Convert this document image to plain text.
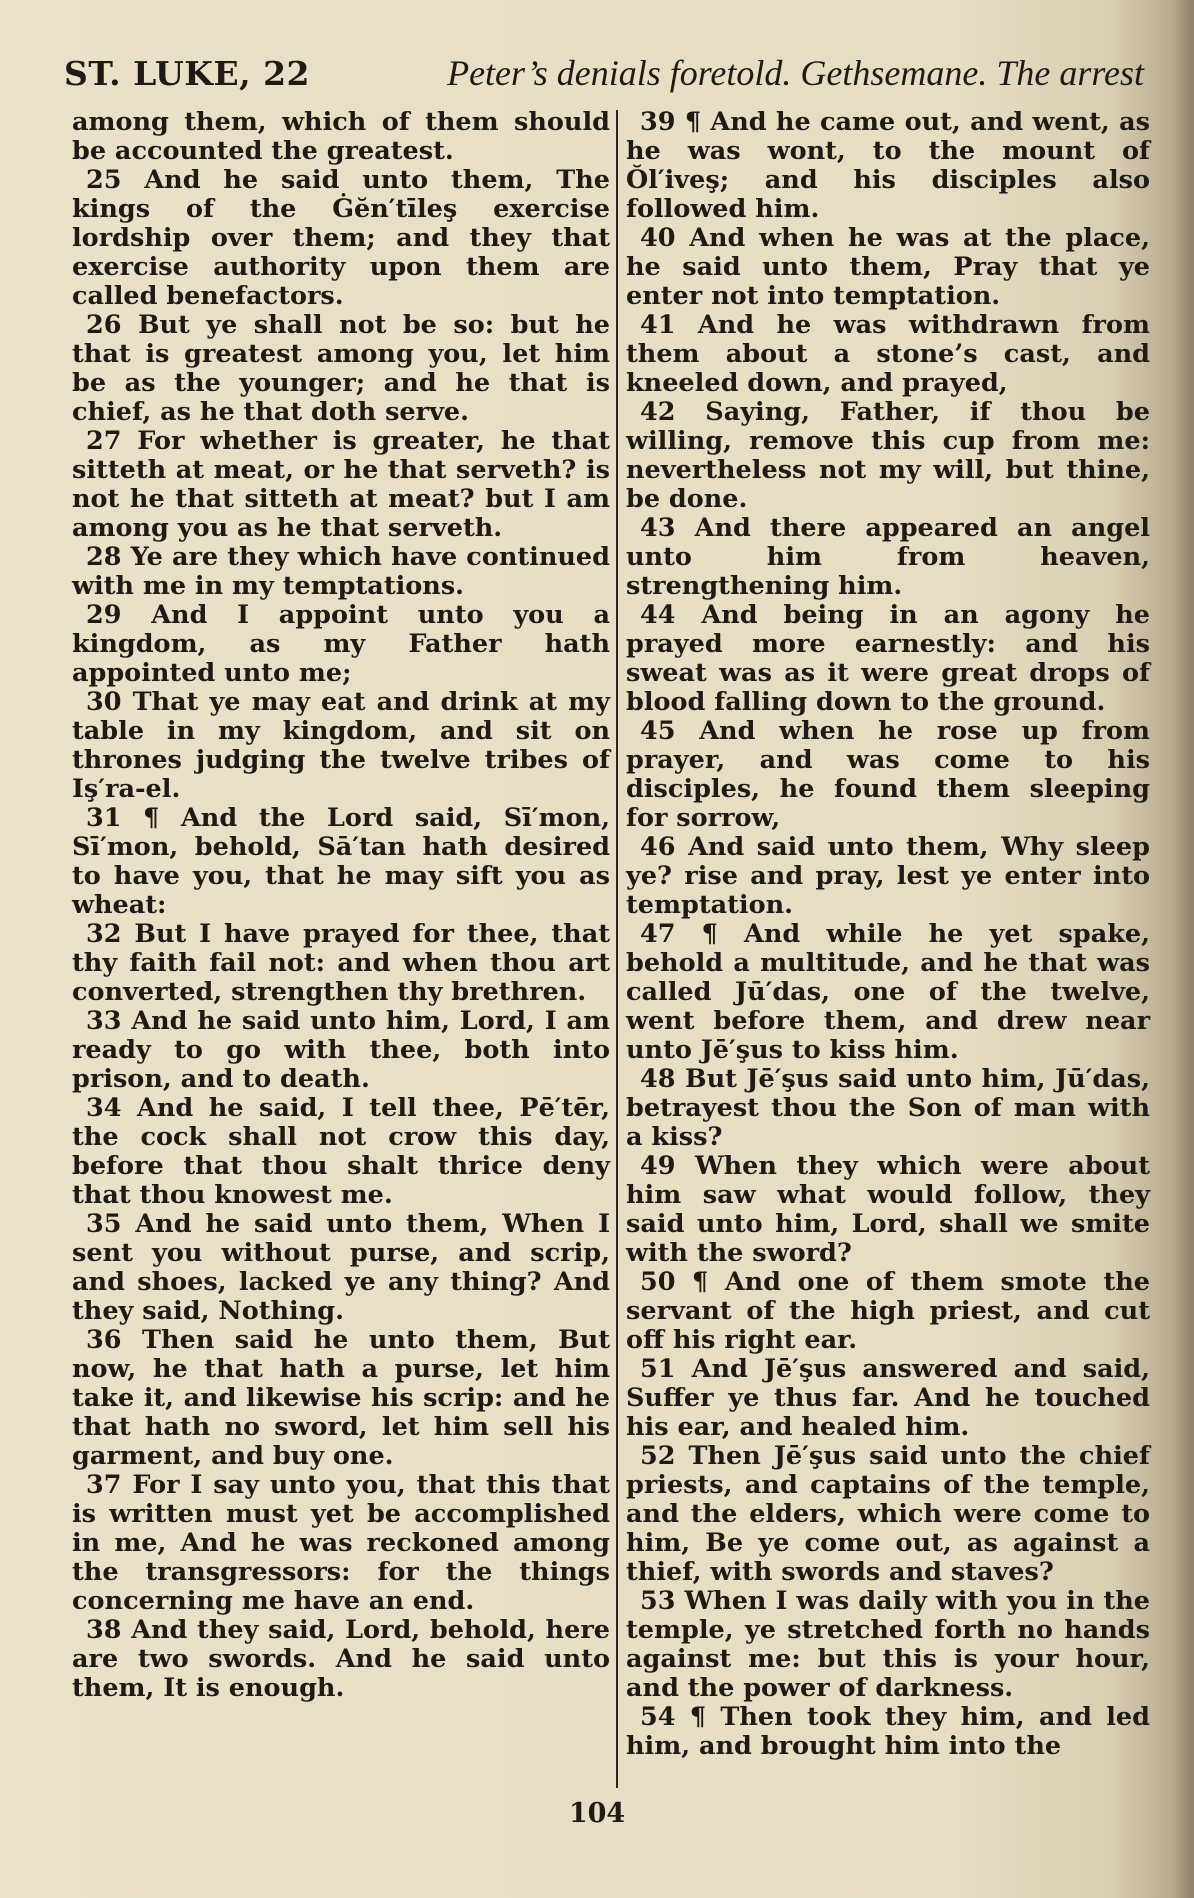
ST. LUKE, 22	Peter’s denials foretold. Gethsemane. The arrest

among them, which of them should be accounted the greatest.

25 And he said unto them, The kings of the Ġĕn′tīleş exercise lordship over them; and they that exercise authority upon them are called benefactors.

26 But ye shall not be so: but he that is greatest among you, let him be as the younger; and he that is chief, as he that doth serve.

27 For whether is greater, he that sitteth at meat, or he that serveth? is not he that sitteth at meat? but I am among you as he that serveth.

28 Ye are they which have continued with me in my temptations.

29 And I appoint unto you a kingdom, as my Father hath appointed unto me;

30 That ye may eat and drink at my table in my kingdom, and sit on thrones judging the twelve tribes of Iş′ra-el.

31 ¶ And the Lord said, Sī′mon, Sī′mon, behold, Sā′tan hath desired to have you, that he may sift you as wheat:

32 But I have prayed for thee, that thy faith fail not: and when thou art converted, strengthen thy brethren.

33 And he said unto him, Lord, I am ready to go with thee, both into prison, and to death.

34 And he said, I tell thee, Pē′tēr, the cock shall not crow this day, before that thou shalt thrice deny that thou knowest me.

35 And he said unto them, When I sent you without purse, and scrip, and shoes, lacked ye any thing? And they said, Nothing.

36 Then said he unto them, But now, he that hath a purse, let him take it, and likewise his scrip: and he that hath no sword, let him sell his garment, and buy one.

37 For I say unto you, that this that is written must yet be accomplished in me, And he was reckoned among the transgressors: for the things concerning me have an end.

38 And they said, Lord, behold, here are two swords. And he said unto them, It is enough.

39 ¶ And he came out, and went, as he was wont, to the mount of Ŏl′iveş; and his disciples also followed him.

40 And when he was at the place, he said unto them, Pray that ye enter not into temptation.

41 And he was withdrawn from them about a stone’s cast, and kneeled down, and prayed,

42 Saying, Father, if thou be willing, remove this cup from me: nevertheless not my will, but thine, be done.

43 And there appeared an angel unto him from heaven, strengthening him.

44 And being in an agony he prayed more earnestly: and his sweat was as it were great drops of blood falling down to the ground.

45 And when he rose up from prayer, and was come to his disciples, he found them sleeping for sorrow,

46 And said unto them, Why sleep ye? rise and pray, lest ye enter into temptation.

47 ¶ And while he yet spake, behold a multitude, and he that was called Jū′das, one of the twelve, went before them, and drew near unto Jē′şus to kiss him.

48 But Jē′şus said unto him, Jū′das, betrayest thou the Son of man with a kiss?

49 When they which were about him saw what would follow, they said unto him, Lord, shall we smite with the sword?

50 ¶ And one of them smote the servant of the high priest, and cut off his right ear.

51 And Jē′şus answered and said, Suffer ye thus far. And he touched his ear, and healed him.

52 Then Jē′şus said unto the chief priests, and captains of the temple, and the elders, which were come to him, Be ye come out, as against a thief, with swords and staves?

53 When I was daily with you in the temple, ye stretched forth no hands against me: but this is your hour, and the power of darkness.

54 ¶ Then took they him, and led him, and brought him into the

104
